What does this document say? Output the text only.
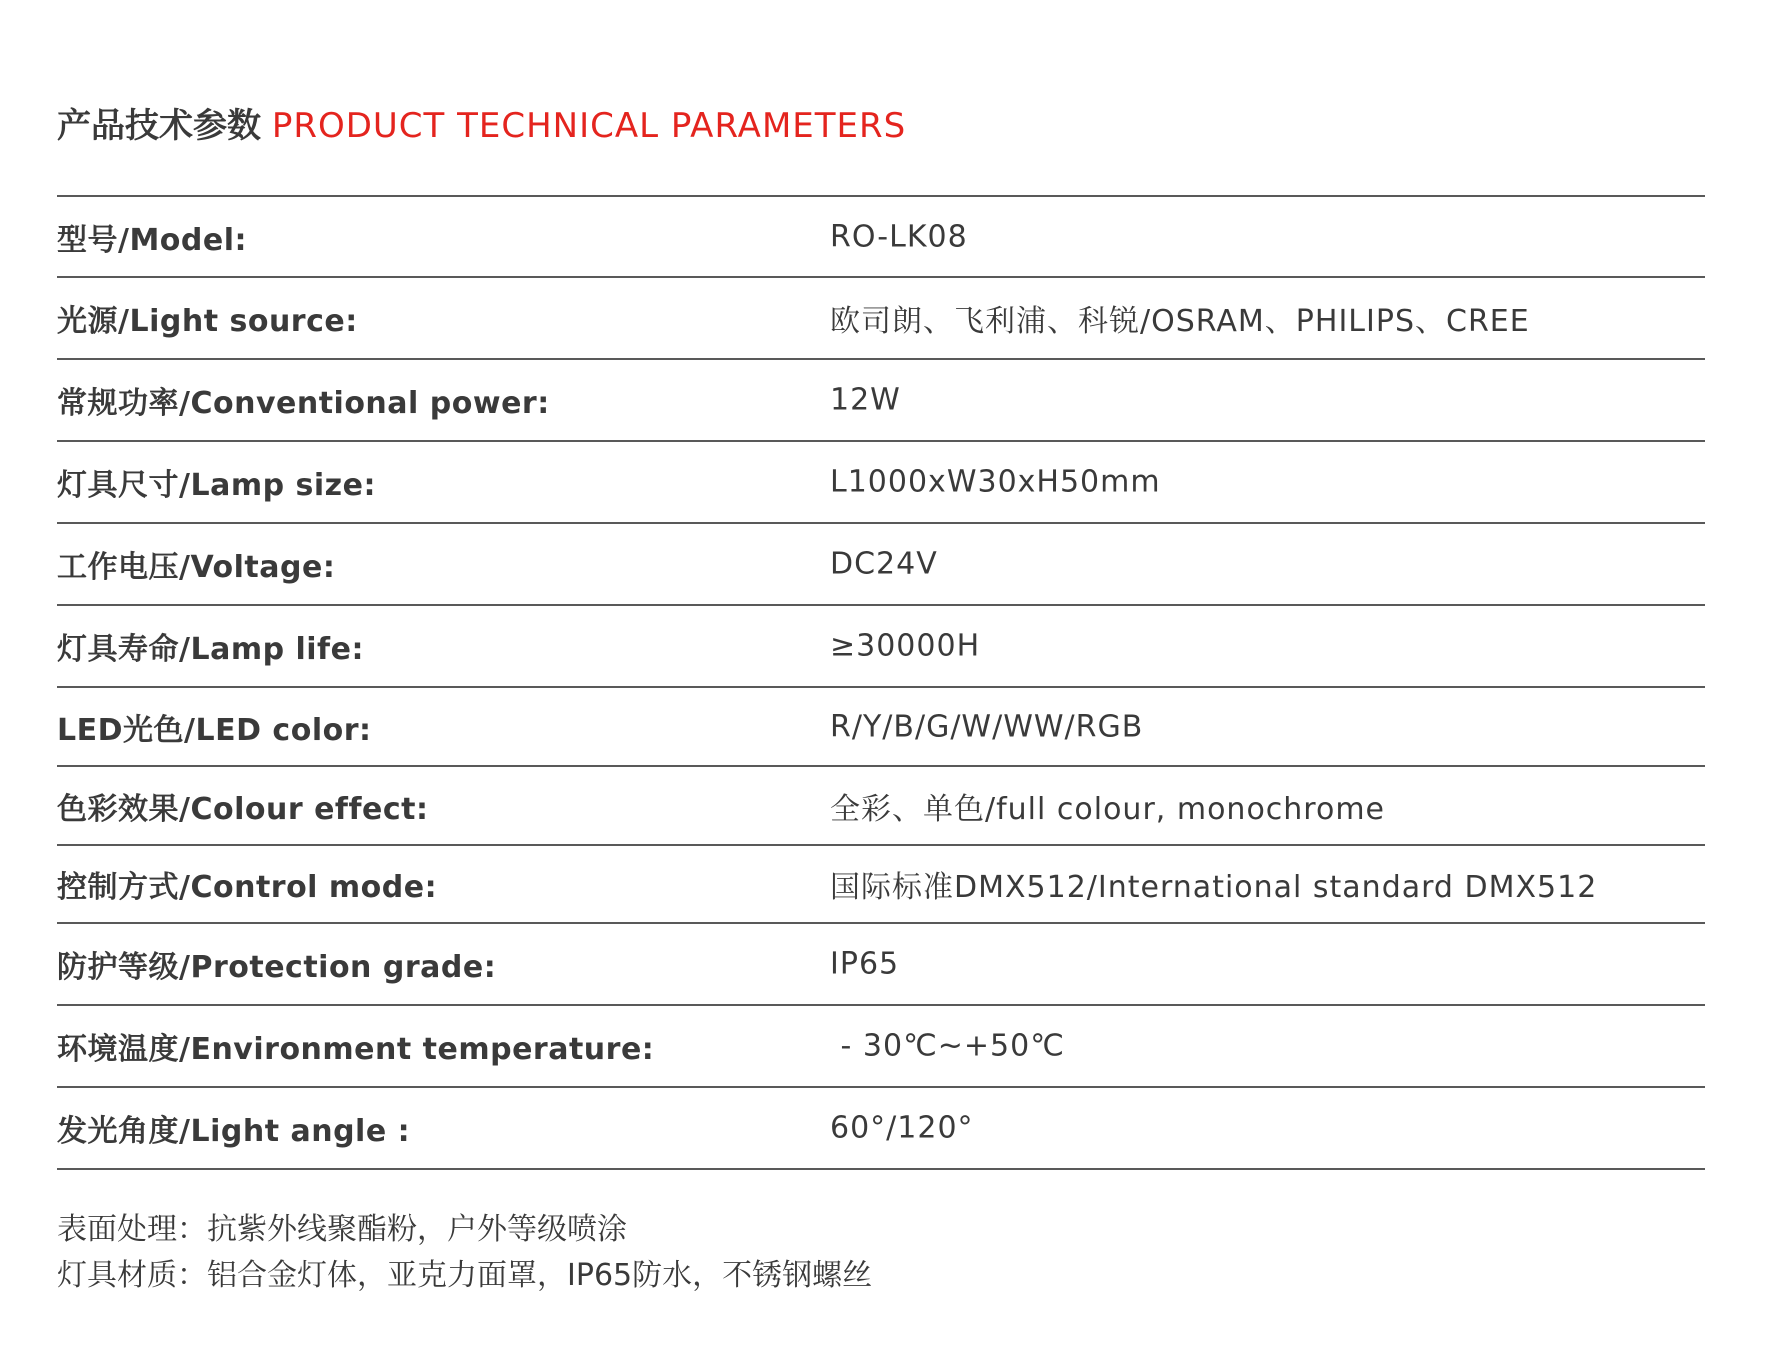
产品技术参数 PRODUCT TECHNICAL PARAMETERS
型号/Model:	RO-LK08
光源/Light source:	欧司朗、飞利浦、科锐/OSRAM、PHILIPS、CREE
常规功率/Conventional power:	12W
灯具尺寸/Lamp size:	L1000xW30xH50mm
工作电压/Voltage:	DC24V
灯具寿命/Lamp life:	≥30000H
LED光色/LED color:	R/Y/B/G/W/WW/RGB
色彩效果/Colour effect:	全彩、单色/full colour, monochrome
控制方式/Control mode:	国际标准DMX512/International standard DMX512
防护等级/Protection grade:	IP65
环境温度/Environment temperature:	- 30℃~+50℃
发光角度/Light angle :	60°/120°
表面处理：抗紫外线聚酯粉，户外等级喷涂
灯具材质：铝合金灯体，亚克力面罩，IP65防水，不锈钢螺丝
